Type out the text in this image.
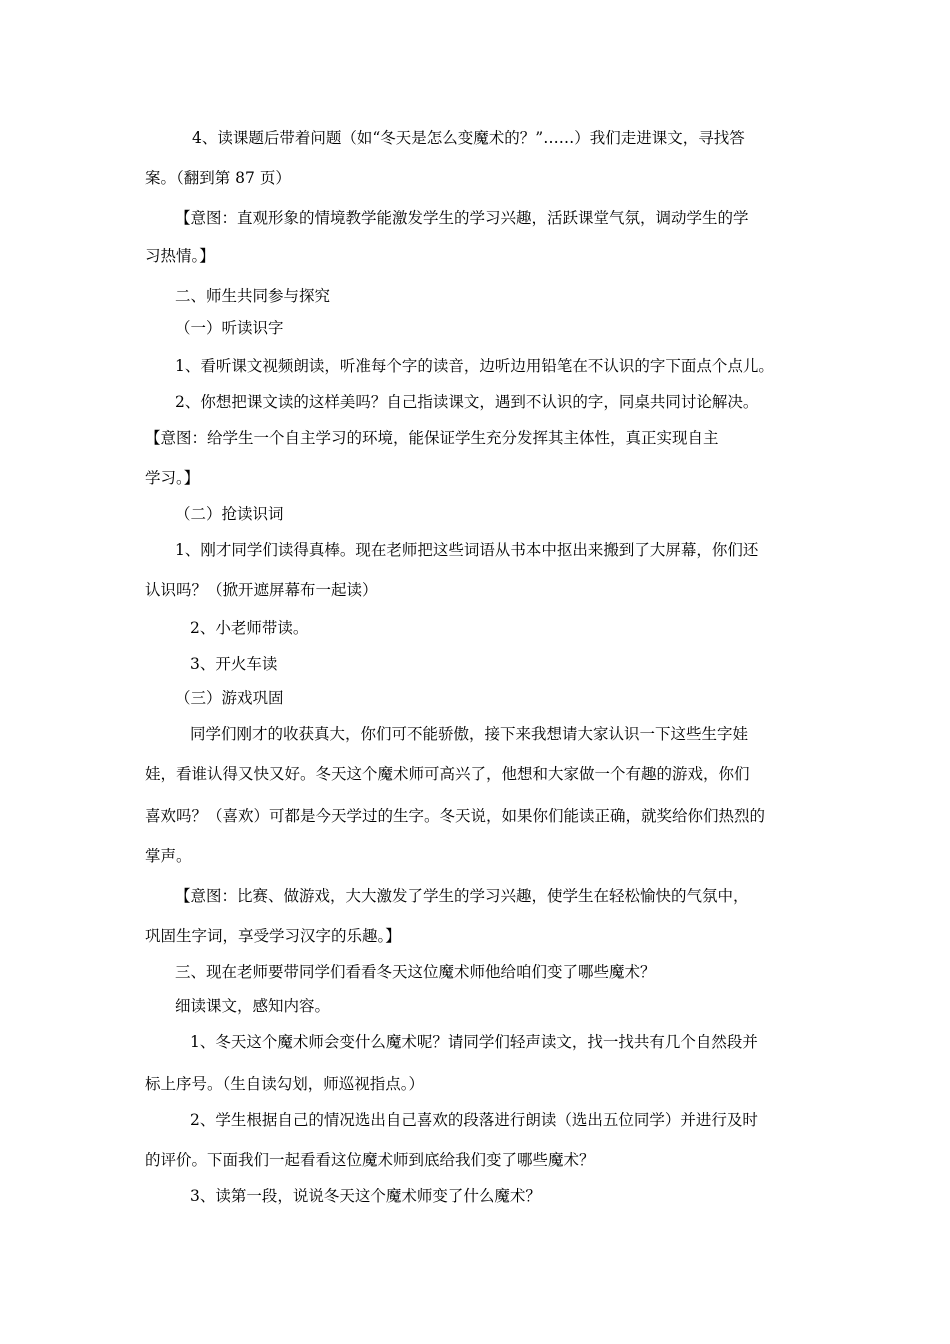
4、读课题后带着问题（如“冬天是怎么变魔术的？”……）我们走进课文，寻找答
案。（翻到第 87 页）
【意图：直观形象的情境教学能激发学生的学习兴趣，活跃课堂气氛，调动学生的学
习热情。】
二、师生共同参与探究
（一）听读识字
1、看听课文视频朗读，听准每个字的读音，边听边用铅笔在不认识的字下面点个点儿。
2、你想把课文读的这样美吗？自己指读课文，遇到不认识的字，同桌共同讨论解决。
【意图：给学生一个自主学习的环境，能保证学生充分发挥其主体性，真正实现自主
学习。】
（二）抢读识词
1、刚才同学们读得真棒。现在老师把这些词语从书本中抠出来搬到了大屏幕，你们还
认识吗？（掀开遮屏幕布一起读）
2、小老师带读。
3、开火车读
（三）游戏巩固
同学们刚才的收获真大，你们可不能骄傲，接下来我想请大家认识一下这些生字娃
娃，看谁认得又快又好。冬天这个魔术师可高兴了，他想和大家做一个有趣的游戏，你们
喜欢吗？（喜欢）可都是今天学过的生字。冬天说，如果你们能读正确，就奖给你们热烈的
掌声。
【意图：比赛、做游戏，大大激发了学生的学习兴趣，使学生在轻松愉快的气氛中，
巩固生字词，享受学习汉字的乐趣。】
三、现在老师要带同学们看看冬天这位魔术师他给咱们变了哪些魔术？
细读课文，感知内容。
1、冬天这个魔术师会变什么魔术呢？请同学们轻声读文，找一找共有几个自然段并
标上序号。（生自读勾划，师巡视指点。）
2、学生根据自己的情况选出自己喜欢的段落进行朗读（选出五位同学）并进行及时
的评价。下面我们一起看看这位魔术师到底给我们变了哪些魔术？
3、读第一段，说说冬天这个魔术师变了什么魔术？
